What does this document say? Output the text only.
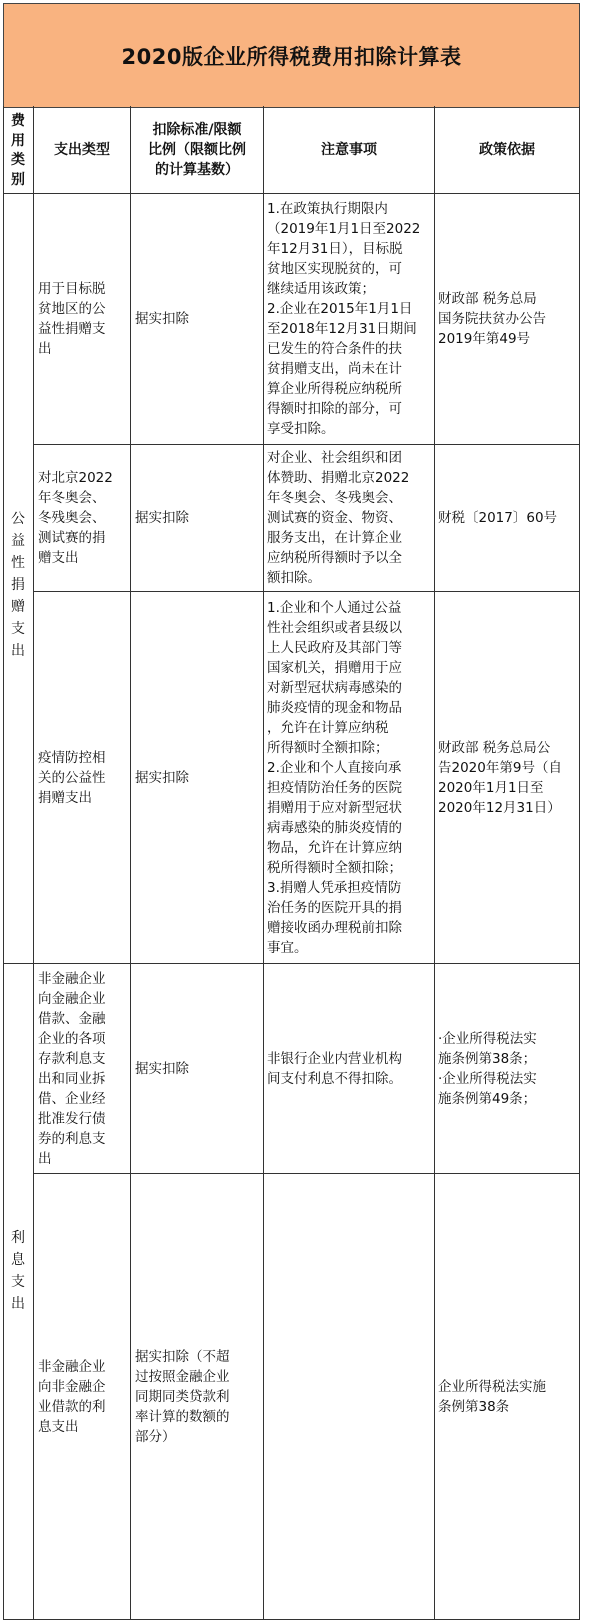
2020版企业所得税费用扣除计算表
费
用
类
别
支出类型
扣除标准/限额
比例（限额比例
的计算基数）
注意事项	政策依据
公
益
性
捐
赠
支
出
利
息
支
出
用于目标脱
贫地区的公
益性捐赠支
出
据实扣除
1.在政策执行期限内
（2019年1月1日至2022
年12月31日），目标脱
贫地区实现脱贫的，可
继续适用该政策；
2.企业在2015年1月1日
至2018年12月31日期间
已发生的符合条件的扶
贫捐赠支出，尚未在计
算企业所得税应纳税所
得额时扣除的部分，可
享受扣除。
财政部 税务总局
国务院扶贫办公告
2019年第49号
对北京2022
年冬奥会、
冬残奥会、
测试赛的捐
赠支出
据实扣除
对企业、社会组织和团
体赞助、捐赠北京2022
年冬奥会、冬残奥会、
测试赛的资金、物资、
服务支出，在计算企业
应纳税所得额时予以全
额扣除。
财税〔2017〕60号
疫情防控相
关的公益性
捐赠支出
据实扣除
1.企业和个人通过公益
性社会组织或者县级以
上人民政府及其部门等
国家机关，捐赠用于应
对新型冠状病毒感染的
肺炎疫情的现金和物品
，允许在计算应纳税
所得额时全额扣除；
2.企业和个人直接向承
担疫情防治任务的医院
捐赠用于应对新型冠状
病毒感染的肺炎疫情的
物品，允许在计算应纳
税所得额时全额扣除；
3.捐赠人凭承担疫情防
治任务的医院开具的捐
赠接收函办理税前扣除
事宜。
财政部 税务总局公
告2020年第9号（自
2020年1月1日至
2020年12月31日）
非金融企业
向金融企业
借款、金融
企业的各项
存款利息支
出和同业拆
借、企业经
批准发行债
券的利息支
出
据实扣除
非银行企业内营业机构
间支付利息不得扣除。
·企业所得税法实
施条例第38条；
·企业所得税法实
施条例第49条；
非金融企业
向非金融企
业借款的利
息支出
据实扣除（不超
过按照金融企业
同期同类贷款利
率计算的数额的
部分）
企业所得税法实施
条例第38条
